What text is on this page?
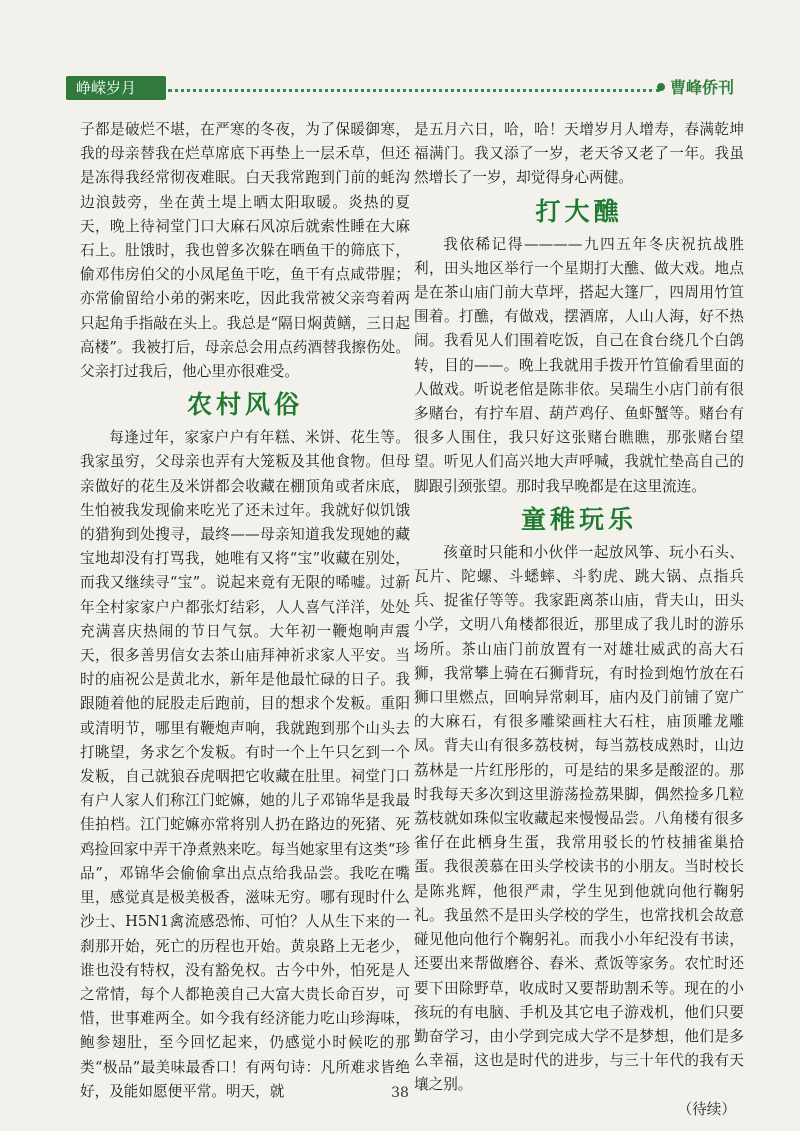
峥嵘岁月	曹峰侨刊

子都是破烂不堪，在严寒的冬夜，为了保暖御寒，我的母亲替我在烂草席底下再垫上一层禾草，但还是冻得我经常彻夜难眠。白天我常跑到门前的蚝沟边浪鼓旁，坐在黄土堤上晒太阳取暖。炎热的夏天，晚上待祠堂门口大麻石风凉后就索性睡在大麻石上。肚饿时，我也曾多次躲在晒鱼干的筛底下，偷邓伟房伯父的小凤尾鱼干吃，鱼干有点咸带腥；亦常偷留给小弟的粥来吃，因此我常被父亲弯着两只起角手指敲在头上。我总是“隔日焖黄鳝，三日起高楼”。我被打后，母亲总会用点药酒替我擦伤处。父亲打过我后，他心里亦很难受。

农村风俗

每逢过年，家家户户有年糕、米饼、花生等。我家虽穷，父母亲也弄有大笼粄及其他食物。但母亲做好的花生及米饼都会收藏在棚顶角或者床底，生怕被我发现偷来吃光了还未过年。我就好似饥饿的猎狗到处搜寻，最终——母亲知道我发现她的藏宝地却没有打骂我，她唯有又将“宝”收藏在别处，而我又继续寻“宝”。说起来竟有无限的唏嘘。过新年全村家家户户都张灯结彩，人人喜气洋洋，处处充满喜庆热闹的节日气氛。大年初一鞭炮响声震天，很多善男信女去茶山庙拜神祈求家人平安。当时的庙祝公是黄北水，新年是他最忙碌的日子。我跟随着他的屁股走后跑前，目的想求个发粄。重阳或清明节，哪里有鞭炮声响，我就跑到那个山头去打眺望，务求乞个发粄。有时一个上午只乞到一个发粄，自己就狼吞虎咽把它收藏在肚里。祠堂门口有户人家人们称江门蛇嫲，她的儿子邓锦华是我最佳拍档。江门蛇嫲亦常将别人扔在路边的死猪、死鸡捡回家中弄干净煮熟来吃。每当她家里有这类“珍品”，邓锦华会偷偷拿出点点给我品尝。我吃在嘴里，感觉真是极美极香，滋味无穷。哪有现时什么沙士、H5N1禽流感恐怖、可怕？人从生下来的一刹那开始，死亡的历程也开始。黄泉路上无老少，谁也没有特权，没有豁免权。古今中外，怕死是人之常情，每个人都艳羡自己大富大贵长命百岁，可惜，世事难两全。如今我有经济能力吃山珍海味，鲍参翅肚，至今回忆起来，仍感觉小时候吃的那类“极品”最美味最香口！有两句诗：凡所难求皆绝好，及能如愿便平常。明天，就

是五月六日，哈，哈！天增岁月人增寿，春满乾坤福满门。我又添了一岁，老天爷又老了一年。我虽然增长了一岁，却觉得身心两健。

打大醮

我依稀记得————九四五年冬庆祝抗战胜利，田头地区举行一个星期打大醮、做大戏。地点是在茶山庙门前大草坪，搭起大篷厂，四周用竹笪围着。打醮，有做戏，摆酒席，人山人海，好不热闹。我看见人们围着吃饭，自己在食台绕几个白鸽转，目的——。晚上我就用手拨开竹笪偷看里面的人做戏。听说老倌是陈非依。吴瑞生小店门前有很多赌台，有拧车眉、葫芦鸡仔、鱼虾蟹等。赌台有很多人围住，我只好这张赌台瞧瞧，那张赌台望望。听见人们高兴地大声呼喊，我就忙垫高自己的脚跟引颈张望。那时我早晚都是在这里流连。

童稚玩乐

孩童时只能和小伙伴一起放风筝、玩小石头、瓦片、陀螺、斗蟋蟀、斗豹虎、跳大锅、点指兵兵、捉雀仔等等。我家距离茶山庙，背夫山，田头小学，文明八角楼都很近，那里成了我儿时的游乐场所。茶山庙门前放置有一对雄壮威武的高大石狮，我常攀上骑在石狮背玩，有时捡到炮竹放在石狮口里燃点，回响异常刺耳，庙内及门前铺了宽广的大麻石，有很多雕梁画柱大石柱，庙顶雕龙雕凤。背夫山有很多荔枝树，每当荔枝成熟时，山边荔林是一片红彤彤的，可是结的果多是酸涩的。那时我每天多次到这里游荡捡荔果脚，偶然捡多几粒荔枝就如珠似宝收藏起来慢慢品尝。八角楼有很多雀仔在此栖身生蛋，我常用驳长的竹枝捕雀巢拾蛋。我很羡慕在田头学校读书的小朋友。当时校长是陈兆辉，他很严肃，学生见到他就向他行鞠躬礼。我虽然不是田头学校的学生，也常找机会故意碰见他向他行个鞠躬礼。而我小小年纪没有书读，还要出来帮做磨谷、舂米、煮饭等家务。农忙时还要下田除野草，收成时又要帮助割禾等。现在的小孩玩的有电脑、手机及其它电子游戏机，他们只要勤奋学习，由小学到完成大学不是梦想，他们是多么幸福，这也是时代的进步，与三十年代的我有天壤之别。

（待续）

38
